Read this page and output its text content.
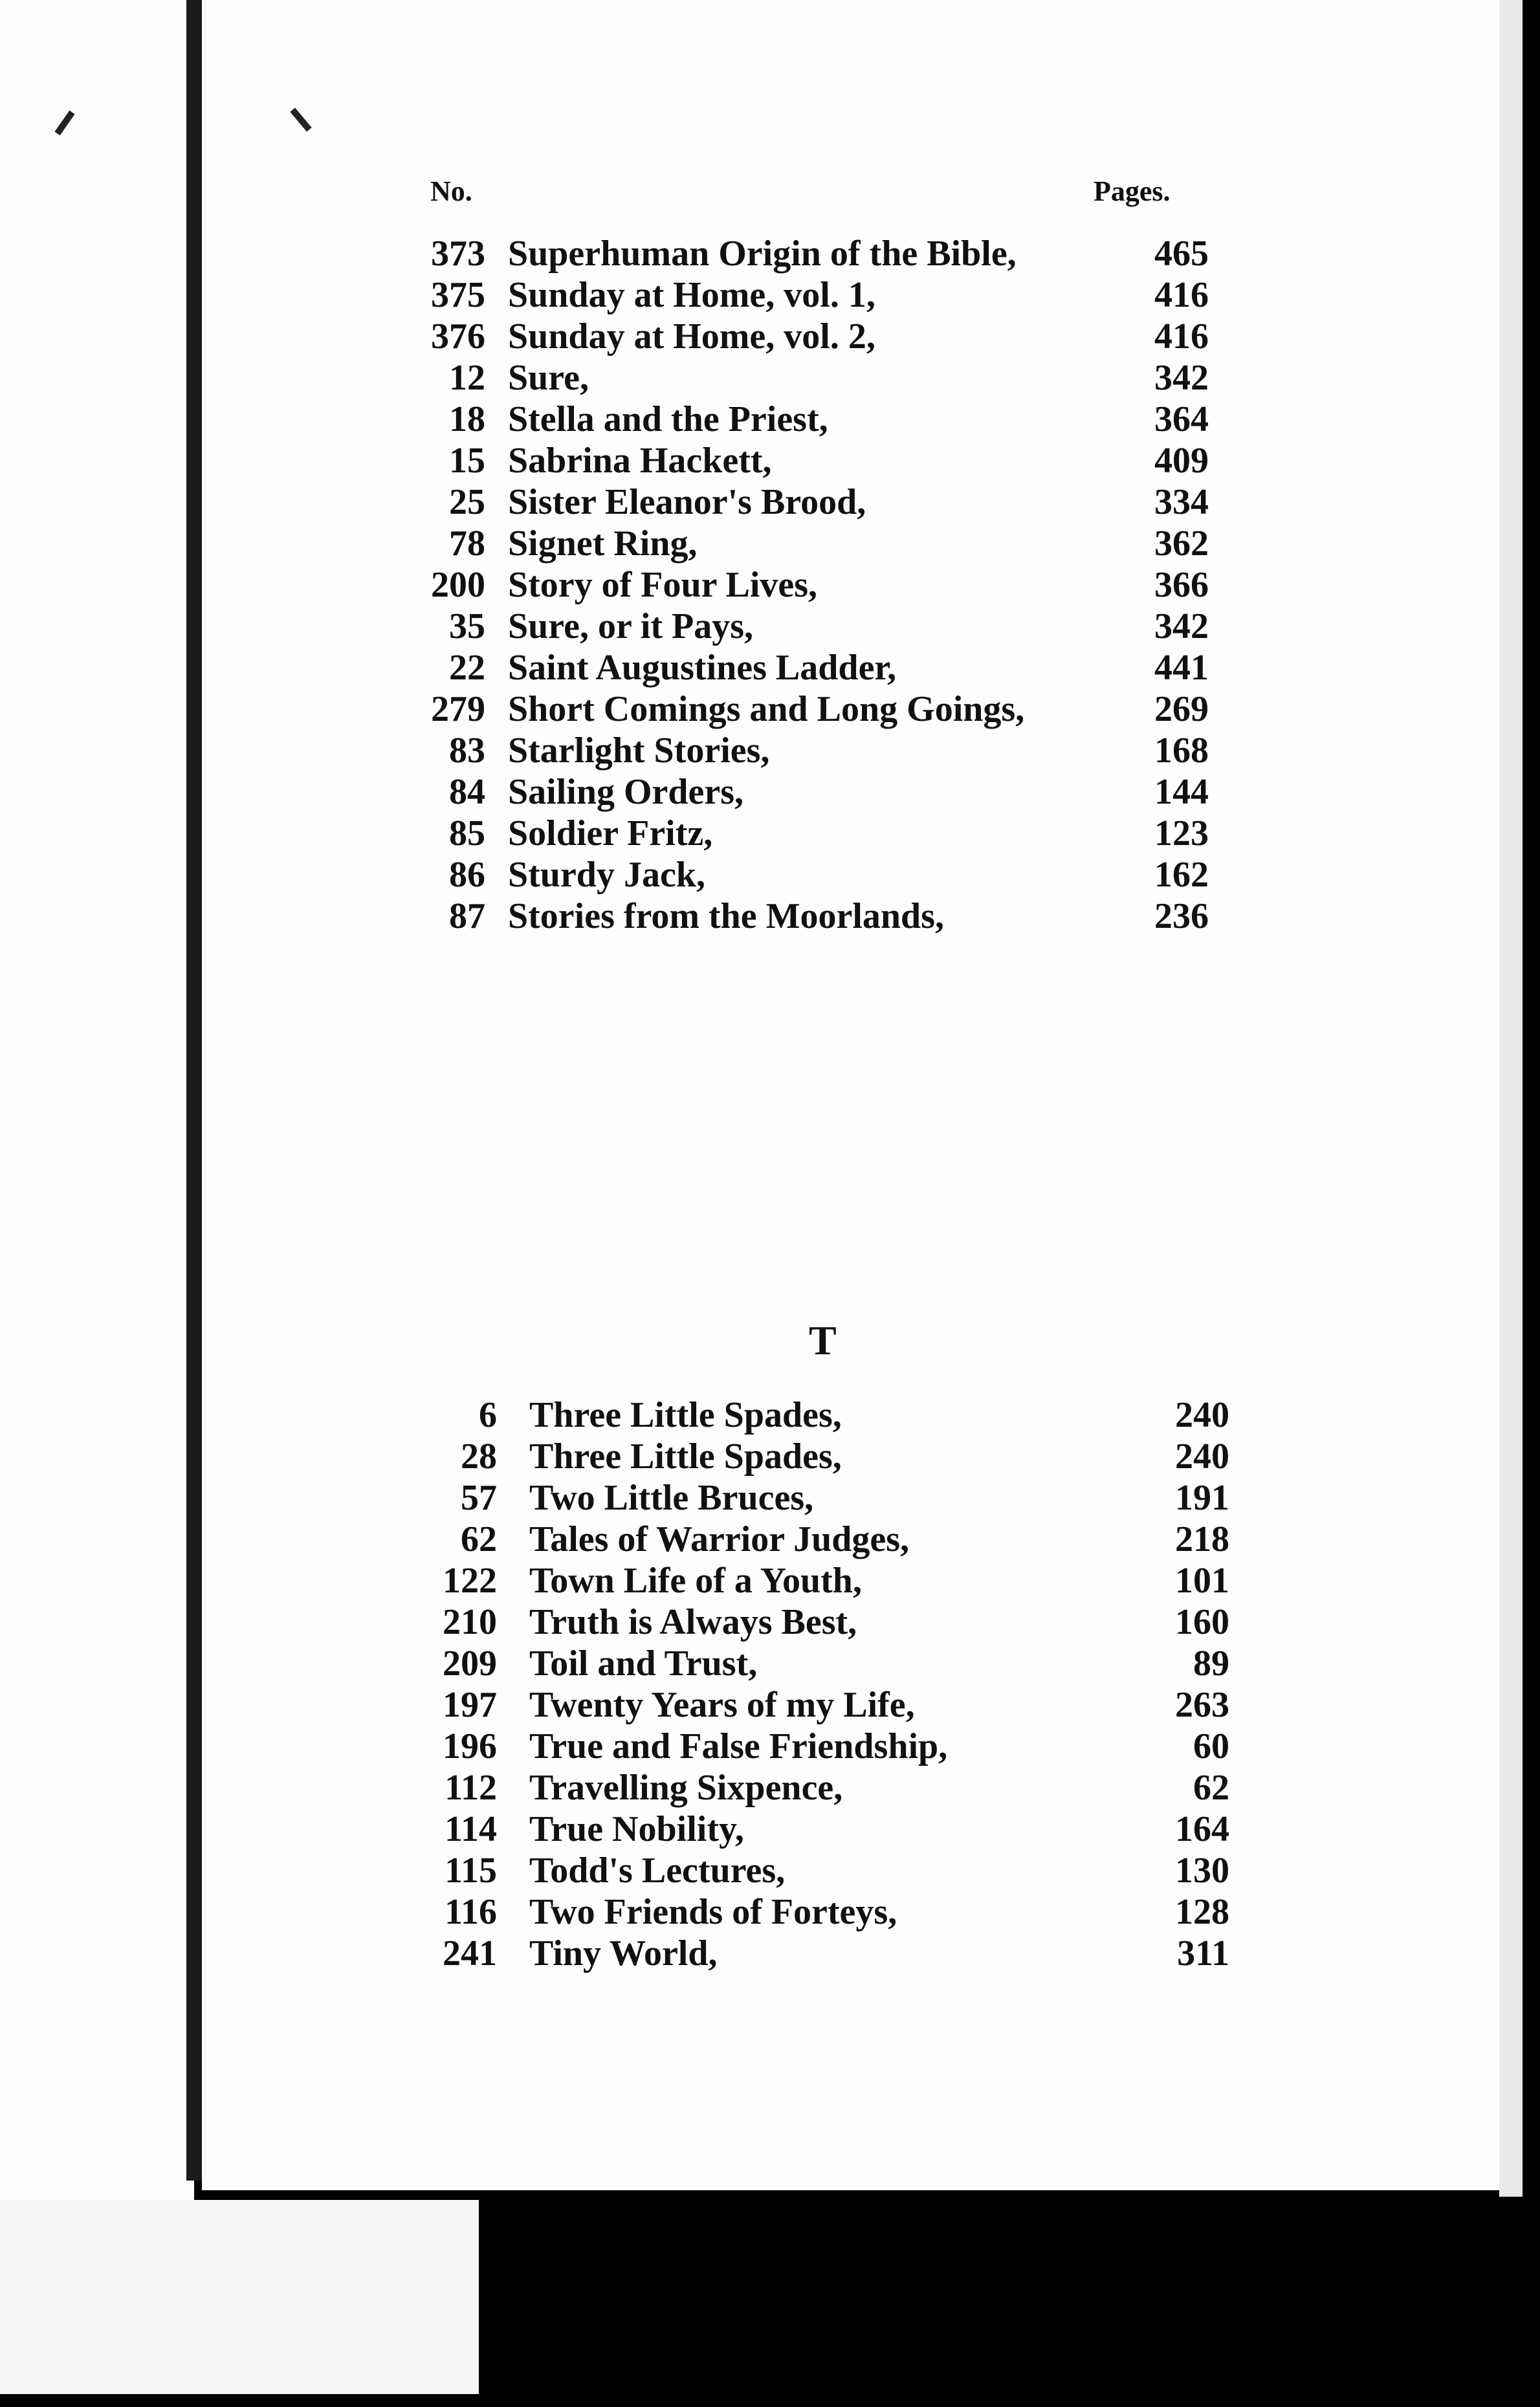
No.	Pages.
373 Superhuman Origin of the Bible,	465
375 Sunday at Home, vol. 1,	416
376 Sunday at Home, vol. 2,	416
12 Sure,	342
18 Stella and the Priest,	364
15 Sabrina Hackett,	409
25 Sister Eleanor's Brood,	334
78 Signet Ring,	362
200 Story of Four Lives,	366
35 Sure, or it Pays,	342
22 Saint Augustines Ladder,	441
279 Short Comings and Long Goings,	269
83 Starlight Stories,	168
84 Sailing Orders,	144
85 Soldier Fritz,	123
86 Sturdy Jack,	162
87 Stories from the Moorlands,	236
T
6 Three Little Spades,	240
28 Three Little Spades,	240
57 Two Little Bruces,	191
62 Tales of Warrior Judges,	218
122 Town Life of a Youth,	101
210 Truth is Always Best,	160
209 Toil and Trust,	89
197 Twenty Years of my Life,	263
196 True and False Friendship,	60
112 Travelling Sixpence,	62
114 True Nobility,	164
115 Todd's Lectures,	130
116 Two Friends of Forteys,	128
241 Tiny World,	311
